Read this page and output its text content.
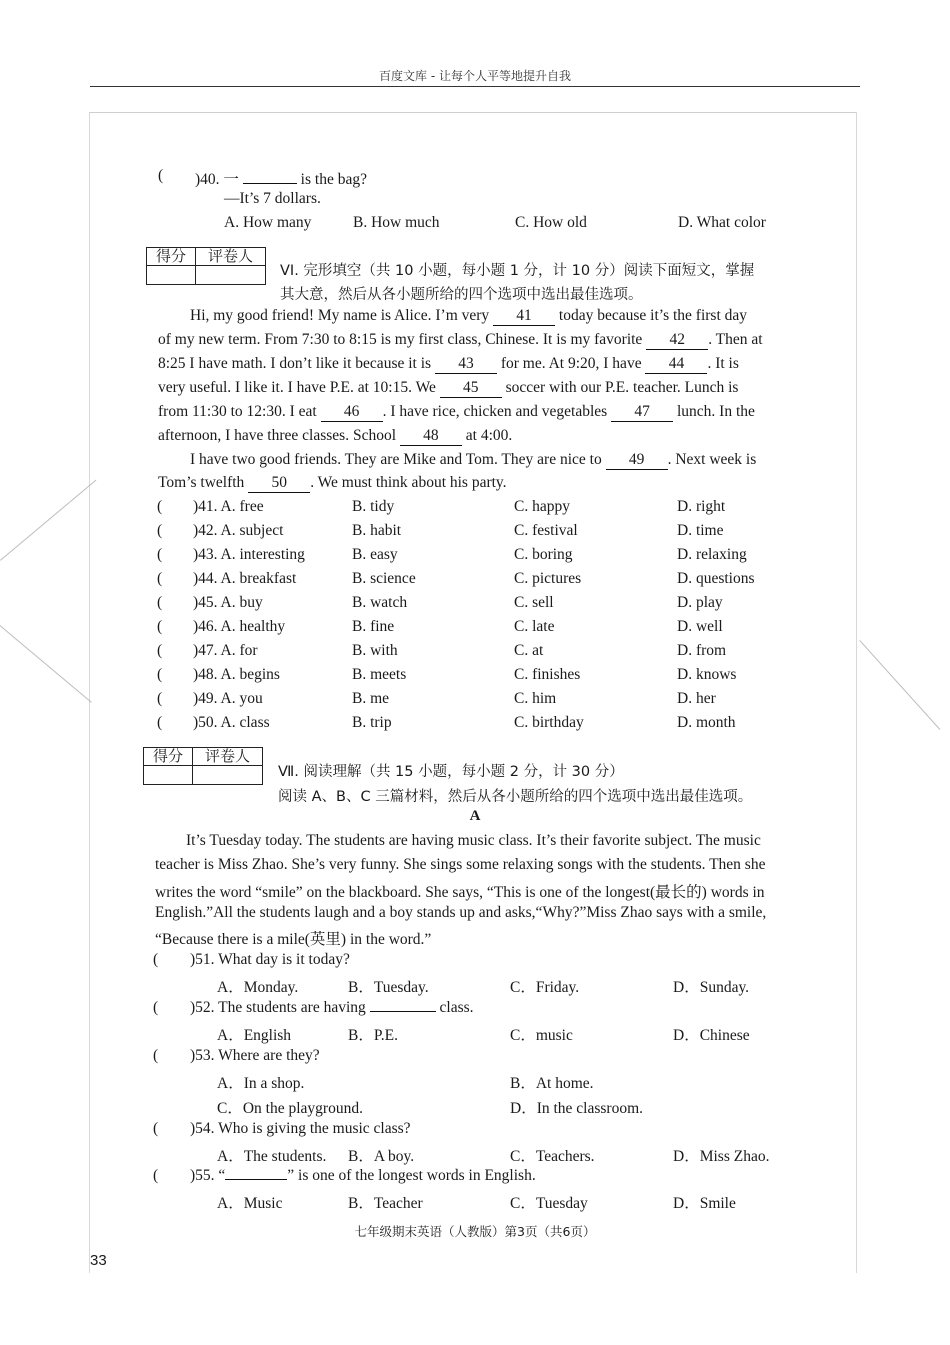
百度文库 - 让每个人平等地提升自我
( )40. 一	is the bag?
—It’s 7 dollars.
A. How many	B. How much	C. How old	D. What color
得分	评卷人
VI. 完形填空（共 10 小题，每小题 1 分，计 10 分）阅读下面短文，掌握
其大意，然后从各小题所给的四个选项中选出最佳选项。
Hi, my good friend! My name is Alice. I’m very 41 today because it’s the first day
of my new term. From 7:30 to 8:15 is my first class, Chinese. It is my favorite 42 . Then at
8:25 I have math. I don’t like it because it is 43 for me. At 9:20, I have 44 . It is
very useful. I like it. I have P.E. at 10:15. We 45 soccer with our P.E. teacher. Lunch is
from 11:30 to 12:30. I eat 46 . I have rice, chicken and vegetables 47 lunch. In the
afternoon, I have three classes. School 48 at 4:00.
I have two good friends. They are Mike and Tom. They are nice to 49 . Next week is
Tom’s twelfth 50 . We must think about his party.
( )41. A. free	B. tidy	C. happy	D. right
( )42. A. subject	B. habit	C. festival	D. time
( )43. A. interesting	B. easy	C. boring	D. relaxing
( )44. A. breakfast	B. science	C. pictures	D. questions
( )45. A. buy	B. watch	C. sell	D. play
( )46. A. healthy	B. fine	C. late	D. well
( )47. A. for	B. with	C. at	D. from
( )48. A. begins	B. meets	C. finishes	D. knows
( )49. A. you	B. me	C. him	D. her
( )50. A. class	B. trip	C. birthday	D. month
得分	评卷人
Ⅶ. 阅读理解（共 15 小题，每小题 2 分，计 30 分）
阅读 A、B、C 三篇材料，然后从各小题所给的四个选项中选出最佳选项。
A
It’s Tuesday today. The students are having music class. It’s their favorite subject. The music
teacher is Miss Zhao. She’s very funny. She sings some relaxing songs with the students. Then she
writes the word “smile” on the blackboard. She says, “This is one of the longest(最长的) words in
English.”All the students laugh and a boy stands up and asks,“Why?”Miss Zhao says with a smile,
“Because there is a mile(英里) in the word.”
( )51. What day is it today?
A．Monday.	B．Tuesday.	C．Friday.	D．Sunday.
( )52. The students are having	class.
A．English	B．P.E.	C．music	D．Chinese
( )53. Where are they?
A．In a shop.	B．At home.
C．On the playground.	D．In the classroom.
( )54. Who is giving the music class?
A．The students. B．A boy.	C．Teachers.	D．Miss Zhao.
( )55. “	” is one of the longest words in English.
A．Music	B．Teacher	C．Tuesday	D．Smile
七年级期末英语（人教版）第3页（共6页）
33
